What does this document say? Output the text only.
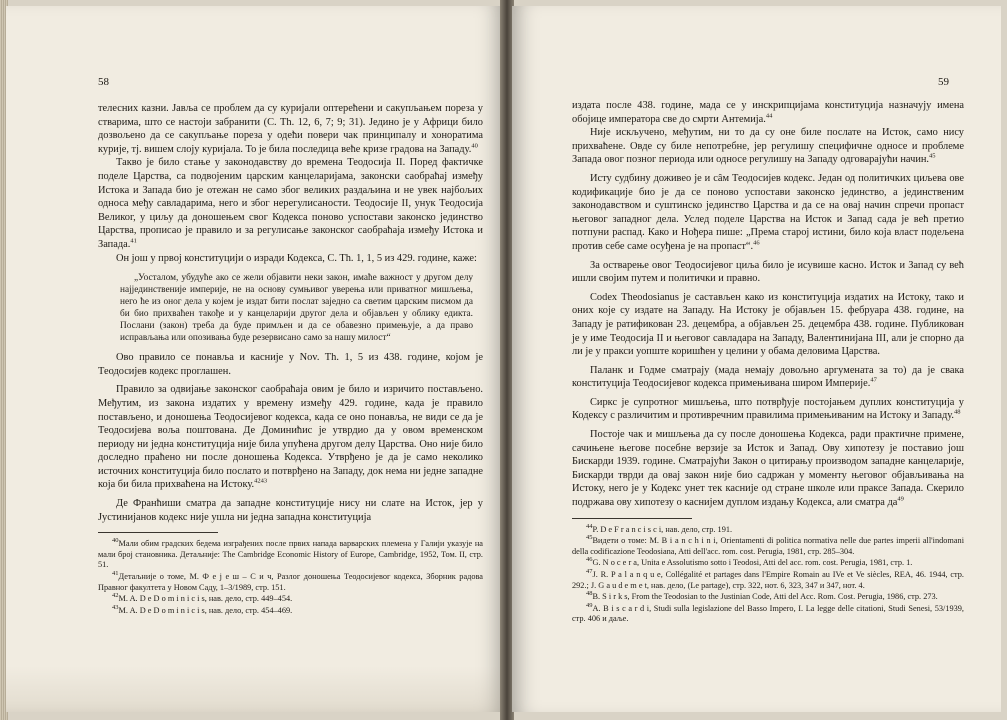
58

телесних казни. Јавља се проблем да су куријали оптерећени и сакупљањем пореза у стварима, што се настоји забранити (C. Th. 12, 6, 7; 9; 31). Једино је у Африци било дозвољено да се сакупљање пореза у одећи повери чак принципалу и хоноратима курије, тј. вишем слоју куријала. То је била последица веће кризе градова на Западу.$^{40}$

Такво је било стање у законодавству до времена Теодосија II. Поред фактичке поделе Царства, са подвојеним царским канцеларијама, законски саобраћај између Истока и Запада био је отежан не само због великих раздаљина и не увек најбољих односа међу савладарима, него и због нерегулисаности. Теодосије II, унук Теодосија Великог, у циљу да доношењем свог Кодекса поново успостави законско јединство Царства, прописао је правило и за регулисање законског саобраћаја између Истока и Запада.$^{41}$

Он још у првој конституцији о изради Кодекса, C. Th. 1, 1, 5 из 429. године, каже:

„Уосталом, убудуће ако се жели објавити неки закон, имаће важност у другом делу најјединственије империје, не на основу сумњивог уверења или приватног мишљења, него ће из оног дела у којем је издат бити послат заједно са светим царским писмом да би био прихваћен такође и у канцеларији другог дела и објављен у облику едикта. Послани (закон) треба да буде примљен и да се обавезно примењује, а да право исправљања или опозивања буде резервисано само за нашу милост“

Ово правило се понавља и касније у Nov. Th. 1, 5 из 438. године, којом је Теодосијев кодекс проглашен.

Правило за одвијање законског саобраћаја овим је било и изричито постављено. Међутим, из закона издатих у времену између 429. године, када је правило постављено, и доношења Теодосијевог кодекса, када се оно понавља, не види се да је Теодосијева воља поштована. Де Доминићис је утврдио да у овом временском периоду ни једна конституција није била упућена другом делу Царства. Оно није било доследно праћено ни после доношења Кодекса. Утврђено је да је само неколико источних конституција било послато и потврђено на Западу, док нема ни једне западне која би била прихваћена на Истоку.$^{4243}$

Де Франћиши сматра да западне конституције нису ни слате на Исток, јер у Јустинијанов кодекс није ушла ни једна западна конституција

$^{40}$Мали обим градских бедема изграђених после првих напада варварских племена у Галији указује на мали број становника. Детаљније: The Cambridge Economic History of Europe, Cambridge, 1952, Том. II, стр. 51.
$^{41}$Детаљније о томе, М. Ф е ј е ш – С и ч, Разлог доношења Теодосијевог кодекса, Зборник радова Правног факултета у Новом Саду, 1–3/1989, стр. 151.
$^{42}$M. A. D e D o m i n i c i s, нав. дело, стр. 449–454.
$^{43}$M. A. D e D o m i n i c i s, нав. дело, стр. 454–469.
59

издата после 438. године, мада се у инскрипцијама конституција назначују имена обојице императора све до смрти Антемија.$^{44}$

Није искључено, међутим, ни то да су оне биле послате на Исток, само нису прихваћене. Овде су биле непотребне, јер регулишу специфичне односе и проблеме Запада овог позног периода или односе регулишу на Западу одговарајући начин.$^{45}$

Исту судбину доживео је и сâм Теодосијев кодекс. Један од политичких циљева ове кодификације био је да се поново успостави законско јединство, а јединственим законодавством и суштинско јединство Царства и да се на овај начин спречи пропаст његовог западног дела. Услед поделе Царства на Исток и Запад сада је већ претио потпуни распад. Како и Нођера пише: „Према старој истини, било која власт подељена против себе саме осуђена је на пропаст“.$^{46}$

За остварење овог Теодосијевог циља било је исувише касно. Исток и Запад су већ ишли својим путем и политички и правно.

Codex Theodosianus је састављен како из конституција издатих на Истоку, тако и оних које су издате на Западу. На Истоку је објављен 15. фебруара 438. године, на Западу је ратификован 23. децембра, а објављен 25. децембра 438. године. Публикован је у име Теодосија II и његовог савладара на Западу, Валентинијана III, али је спорно да ли је у пракси уопште коришћен у целини у обама деловима Царства.

Паланк и Годме сматрају (мада немају довољно аргумената за то) да је свака конституција Теодосијевог кодекса примењивана широм Империје.$^{47}$

Сиркс је супротног мишљења, што потврђује постојањем дуплих конституција у Кодексу с различитим и противречним правилима примењиваним на Истоку и Западу.$^{48}$

Постоје чак и мишљења да су после доношења Кодекса, ради практичне примене, сачињене његове посебне верзије за Исток и Запад. Ову хипотезу је поставио још Бискарди 1939. године. Сматрајући Закон о цитирању производом западне канцеларије, Бискарди тврди да овај закон није био садржан у моменту његовог објављивања на Истоку, него је у Кодекс унет тек касније од стране школе или праксе Запада. Скерило подржава ову хипотезу о каснијем дуплом издању Кодекса, али сматра $да^{49}$

$^{44}$P. D e F r a n c i s c i, нав. дело, стр. 191.
$^{45}$Видети о томе: M. B i a n c h i n i, Orientamenti di politica normativa nelle due partes imperii all'indomani della codificazione Teodosiana, Atti dell'acc. rom. cost. Perugia, 1981, стр. 285–304.
$^{46}$G. N o c e r a, Unita e Assolutismo sotto i Teodosi, Atti del acc. rom. cost. Perugia, 1981, стр. 1.
$^{47}$J. R. P a l a n q u e, Collégalité et partages dans l'Empire Romain au IVe et Ve siècles, REA, 46. 1944, стр. 292.; J. G a u d e m e t, нав. дело, (Le partage), стр. 322, нот. 6, 323, 347 и 347, нот. 4.
$^{48}$B. S i r k s, From the Teodosian to the Justinian Code, Atti del Acc. Rom. Cost. Perugia, 1986, стр. 273.
$^{49}$A. B i s c a r d i, Studi sulla legislazione del Basso Impero, I. La legge delle citationi, Studi Senesi, 53/1939, стр. 406 и даље.
